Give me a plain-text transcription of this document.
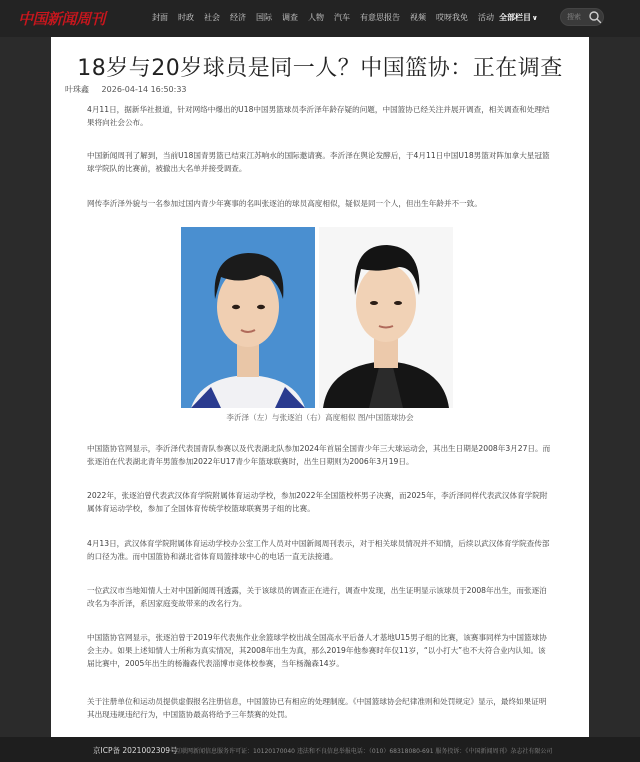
中国新闻周刊	封面 时政 社会 经济 国际 调查 人物 汽车 有意思报告 视频 哎呀我免 活动 全部栏目∨
搜索
18岁与20岁球员是同一人？中国篮协：正在调查
叶珠鑫 2026-04-14 16:50:33

4月11日，据新华社报道，针对网络中爆出的U18中国男篮球员李沂泽年龄存疑的问题，中国篮协已经关注并展开调查，相关调查和处理结果将向社会公布。

中国新闻周刊了解到，当前U18国青男篮已结束江苏响水的国际邀请赛。李沂泽在舆论发酵后，于4月11日中国U18男篮对阵加拿大星冠篮球学院队的比赛前，被撤出大名单并接受调查。

网传李沂泽外貌与一名参加过国内青少年赛事的名叫张逐泊的球员高度相似，疑似是同一个人，但出生年龄并不一致。

李沂泽（左）与张逐泊（右）高度相似 图/中国篮球协会

中国篮协官网显示，李沂泽代表国青队参赛以及代表湖北队参加2024年首届全国青少年三大球运动会，其出生日期是2008年3月27日。而张逐泊在代表湖北青年男篮参加2022年U17青少年篮球联赛时，出生日期则为2006年3月19日。

2022年，张逐泊曾代表武汉体育学院附属体育运动学校，参加2022年全国篮校杯男子决赛，而2025年，李沂泽同样代表武汉体育学院附属体育运动学校，参加了全国体育传统学校篮球联赛男子组的比赛。

4月13日，武汉体育学院附属体育运动学校办公室工作人员对中国新闻周刊表示，对于相关球员情况并不知情，后续以武汉体育学院查传部的口径为准。而中国篮协和湖北省体育局篮排球中心的电话一直无法接通。

一位武汉市当地知情人士对中国新闻周刊透露，关于该球员的调查正在进行，调查中发现，出生证明显示该球员于2008年出生，而张逐泊改名为李沂泽，系因家庭变故带来的改名行为。

中国篮协官网显示，张逐泊曾于2019年代表焦作业余篮球学校出战全国高水平后备人才基地U15男子组的比赛，该赛事同样为中国篮球协会主办。如果上述知情人士所称为真实情况，其2008年出生为真，那么2019年他参赛时年仅11岁，“以小打大”也不大符合业内认知。该届比赛中，2005年出生的杨瀚森代表淄博市竞体校参赛，当年杨瀚森14岁。

关于注册单位和运动员提供虚假报名注册信息，中国篮协已有相应的处理制度。《中国篮球协会纪律准则和处罚规定》显示，最终如果证明其出现违规违纪行为，中国篮协最高将给予三年禁赛的处罚。

京ICP备 2021002309号
互联网新闻信息服务许可证：10120170040 违法和不良信息举报电话：（010）68318080-691 服务投诉：《中国新闻周刊》杂志社有限公司
